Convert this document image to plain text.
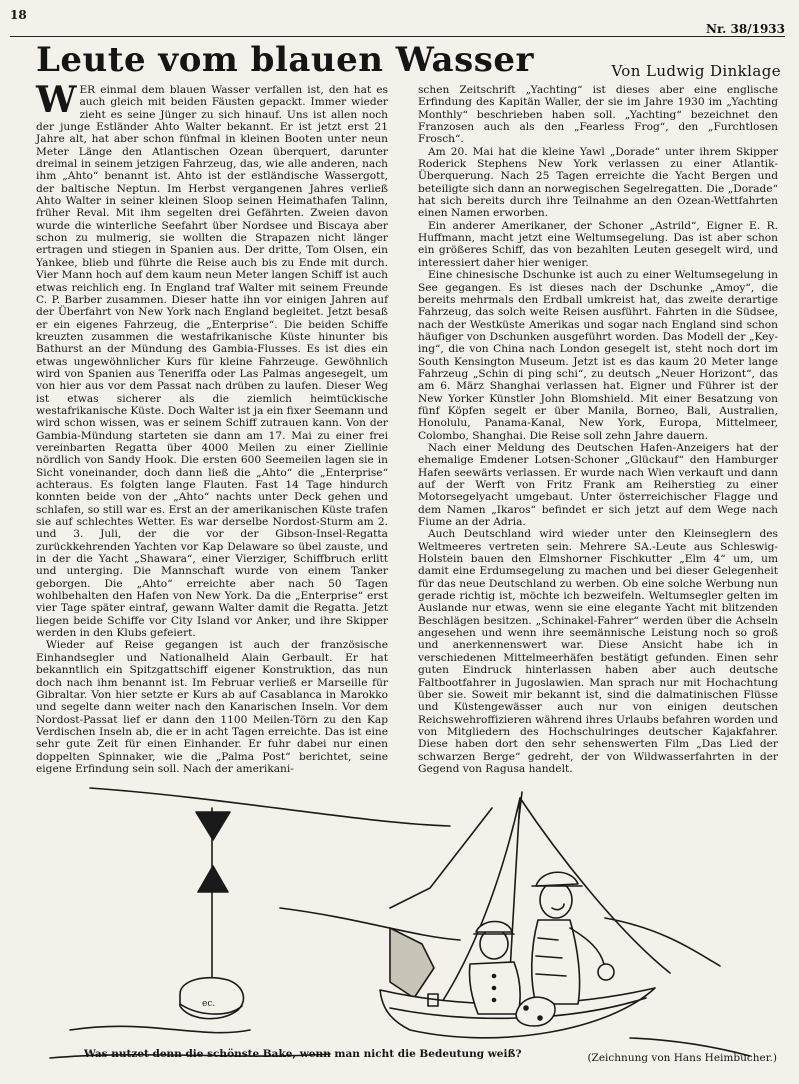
18
Nr. 38/1933
Leute vom blauen Wasser	Von Ludwig Dinklage

WER einmal dem blauen Wasser verfallen ist, den hat es auch gleich mit beiden Fäusten gepackt. Immer wieder zieht es seine Jünger zu sich hinauf. Uns ist allen noch der junge Estländer Ahto Walter bekannt. Er ist jetzt erst 21 Jahre alt, hat aber schon fünfmal in kleinen Booten unter neun Meter Länge den Atlantischen Ozean überquert, darunter dreimal in seinem jetzigen Fahrzeug, das, wie alle anderen, nach ihm „Ahto“ benannt ist. Ahto ist der estländische Wassergott, der baltische Neptun. Im Herbst vergangenen Jahres verließ Ahto Walter in seiner kleinen Sloop seinen Heimathafen Talinn, früher Reval. Mit ihm segelten drei Gefährten. Zweien davon wurde die winterliche Seefahrt über Nordsee und Biscaya aber schon zu mulmerig, sie wollten die Strapazen nicht länger ertragen und stiegen in Spanien aus. Der dritte, Tom Olsen, ein Yankee, blieb und führte die Reise auch bis zu Ende mit durch. Vier Mann hoch auf dem kaum neun Meter langen Schiff ist auch etwas reichlich eng. In England traf Walter mit seinem Freunde C. P. Barber zusammen. Dieser hatte ihn vor einigen Jahren auf der Überfahrt von New York nach England begleitet. Jetzt besaß er ein eigenes Fahrzeug, die „Enterprise“. Die beiden Schiffe kreuzten zusammen die westafrikanische Küste hinunter bis Bathurst an der Mündung des Gambia-Flusses. Es ist dies ein etwas ungewöhnlicher Kurs für kleine Fahrzeuge. Gewöhnlich wird von Spanien aus Teneriffa oder Las Palmas angesegelt, um von hier aus vor dem Passat nach drüben zu laufen. Dieser Weg ist etwas sicherer als die ziemlich heimtückische westafrikanische Küste. Doch Walter ist ja ein fixer Seemann und wird schon wissen, was er seinem Schiff zutrauen kann. Von der Gambia-Mündung starteten sie dann am 17. Mai zu einer frei vereinbarten Regatta über 4000 Meilen zu einer Ziellinie nördlich von Sandy Hook. Die ersten 600 Seemeilen lagen sie in Sicht voneinander, doch dann ließ die „Ahto“ die „Enterprise“ achteraus. Es folgten lange Flauten. Fast 14 Tage hindurch konnten beide von der „Ahto“ nachts unter Deck gehen und schlafen, so still war es. Erst an der amerikanischen Küste trafen sie auf schlechtes Wetter. Es war derselbe Nordost-Sturm am 2. und 3. Juli, der die vor der Gibson-Insel-Regatta zurückkehrenden Yachten vor Kap Delaware so übel zauste, und in der die Yacht „Shawara“, einer Vierziger, Schiffbruch erlitt und unterging. Die Mannschaft wurde von einem Tanker geborgen. Die „Ahto“ erreichte aber nach 50 Tagen wohlbehalten den Hafen von New York. Da die „Enterprise“ erst vier Tage später eintraf, gewann Walter damit die Regatta. Jetzt liegen beide Schiffe vor City Island vor Anker, und ihre Skipper werden in den Klubs gefeiert.

Wieder auf Reise gegangen ist auch der französische Einhandsegler und Nationalheld Alain Gerbault. Er hat bekanntlich ein Spitzgattschiff eigener Konstruktion, das nun doch nach ihm benannt ist. Im Februar verließ er Marseille für Gibraltar. Von hier setzte er Kurs ab auf Casablanca in Marokko und segelte dann weiter nach den Kanarischen Inseln. Vor dem Nordost-Passat lief er dann den 1100 Meilen-Törn zu den Kap Verdischen Inseln ab, die er in acht Tagen erreichte. Das ist eine sehr gute Zeit für einen Einhander. Er fuhr dabei nur einen doppelten Spinnaker, wie die „Palma Post“ berichtet, seine eigene Erfindung sein soll. Nach der amerikani-

schen Zeitschrift „Yachting“ ist dieses aber eine englische Erfindung des Kapitän Waller, der sie im Jahre 1930 im „Yachting Monthly“ beschrieben haben soll. „Yachting“ bezeichnet den Franzosen auch als den „Fearless Frog“, den „Furchtlosen Frosch“.

Am 20. Mai hat die kleine Yawl „Dorade“ unter ihrem Skipper Roderick Stephens New York verlassen zu einer Atlantik-Überquerung. Nach 25 Tagen erreichte die Yacht Bergen und beteiligte sich dann an norwegischen Segelregatten. Die „Dorade“ hat sich bereits durch ihre Teilnahme an den Ozean-Wettfahrten einen Namen erworben.

Ein anderer Amerikaner, der Schoner „Astrild“, Eigner E. R. Huffmann, macht jetzt eine Weltumsegelung. Das ist aber schon ein größeres Schiff, das von bezahlten Leuten gesegelt wird, und interessiert daher hier weniger.

Eine chinesische Dschunke ist auch zu einer Weltumsegelung in See gegangen. Es ist dieses nach der Dschunke „Amoy“, die bereits mehrmals den Erdball umkreist hat, das zweite derartige Fahrzeug, das solch weite Reisen ausführt. Fahrten in die Südsee, nach der Westküste Amerikas und sogar nach England sind schon häufiger von Dschunken ausgeführt worden. Das Modell der „Key-ing“, die von China nach London gesegelt ist, steht noch dort im South Kensington Museum. Jetzt ist es das kaum 20 Meter lange Fahrzeug „Schin di ping schi“, zu deutsch „Neuer Horizont“, das am 6. März Shanghai verlassen hat. Eigner und Führer ist der New Yorker Künstler John Blomshield. Mit einer Besatzung von fünf Köpfen segelt er über Manila, Borneo, Bali, Australien, Honolulu, Panama-Kanal, New York, Europa, Mittelmeer, Colombo, Shanghai. Die Reise soll zehn Jahre dauern.

Nach einer Meldung des Deutschen Hafen-Anzeigers hat der ehemalige Emdener Lotsen-Schoner „Glückauf“ den Hamburger Hafen seewärts verlassen. Er wurde nach Wien verkauft und dann auf der Werft von Fritz Frank am Reiherstieg zu einer Motorsegelyacht umgebaut. Unter österreichischer Flagge und dem Namen „Ikaros“ befindet er sich jetzt auf dem Wege nach Fiume an der Adria.

Auch Deutschland wird wieder unter den Kleinseglern des Weltmeeres vertreten sein. Mehrere SA.-Leute aus Schleswig-Holstein bauen den Elmshorner Fischkutter „Elm 4“ um, um damit eine Erdumsegelung zu machen und bei dieser Gelegenheit für das neue Deutschland zu werben. Ob eine solche Werbung nun gerade richtig ist, möchte ich bezweifeln. Weltumsegler gelten im Auslande nur etwas, wenn sie eine elegante Yacht mit blitzenden Beschlägen besitzen. „Schinakel-Fahrer“ werden über die Achseln angesehen und wenn ihre seemännische Leistung noch so groß und anerkennenswert war. Diese Ansicht habe ich in verschiedenen Mittelmeerhäfen bestätigt gefunden. Einen sehr guten Eindruck hinterlassen haben aber auch deutsche Faltbootfahrer in Jugoslawien. Man sprach nur mit Hochachtung über sie. Soweit mir bekannt ist, sind die dalmatinischen Flüsse und Küstengewässer auch nur von einigen deutschen Reichswehroffizieren während ihres Urlaubs befahren worden und von Mitgliedern des Hochschulringes deutscher Kajakfahrer. Diese haben dort den sehr sehenswerten Film „Das Lied der schwarzen Berge“ gedreht, der von Wildwasserfahrten in der Gegend von Ragusa handelt.

ec.
Was nutzet denn die schönste Bake, wenn man nicht die Bedeutung weiß?	(Zeichnung von Hans Heimbucher.)
